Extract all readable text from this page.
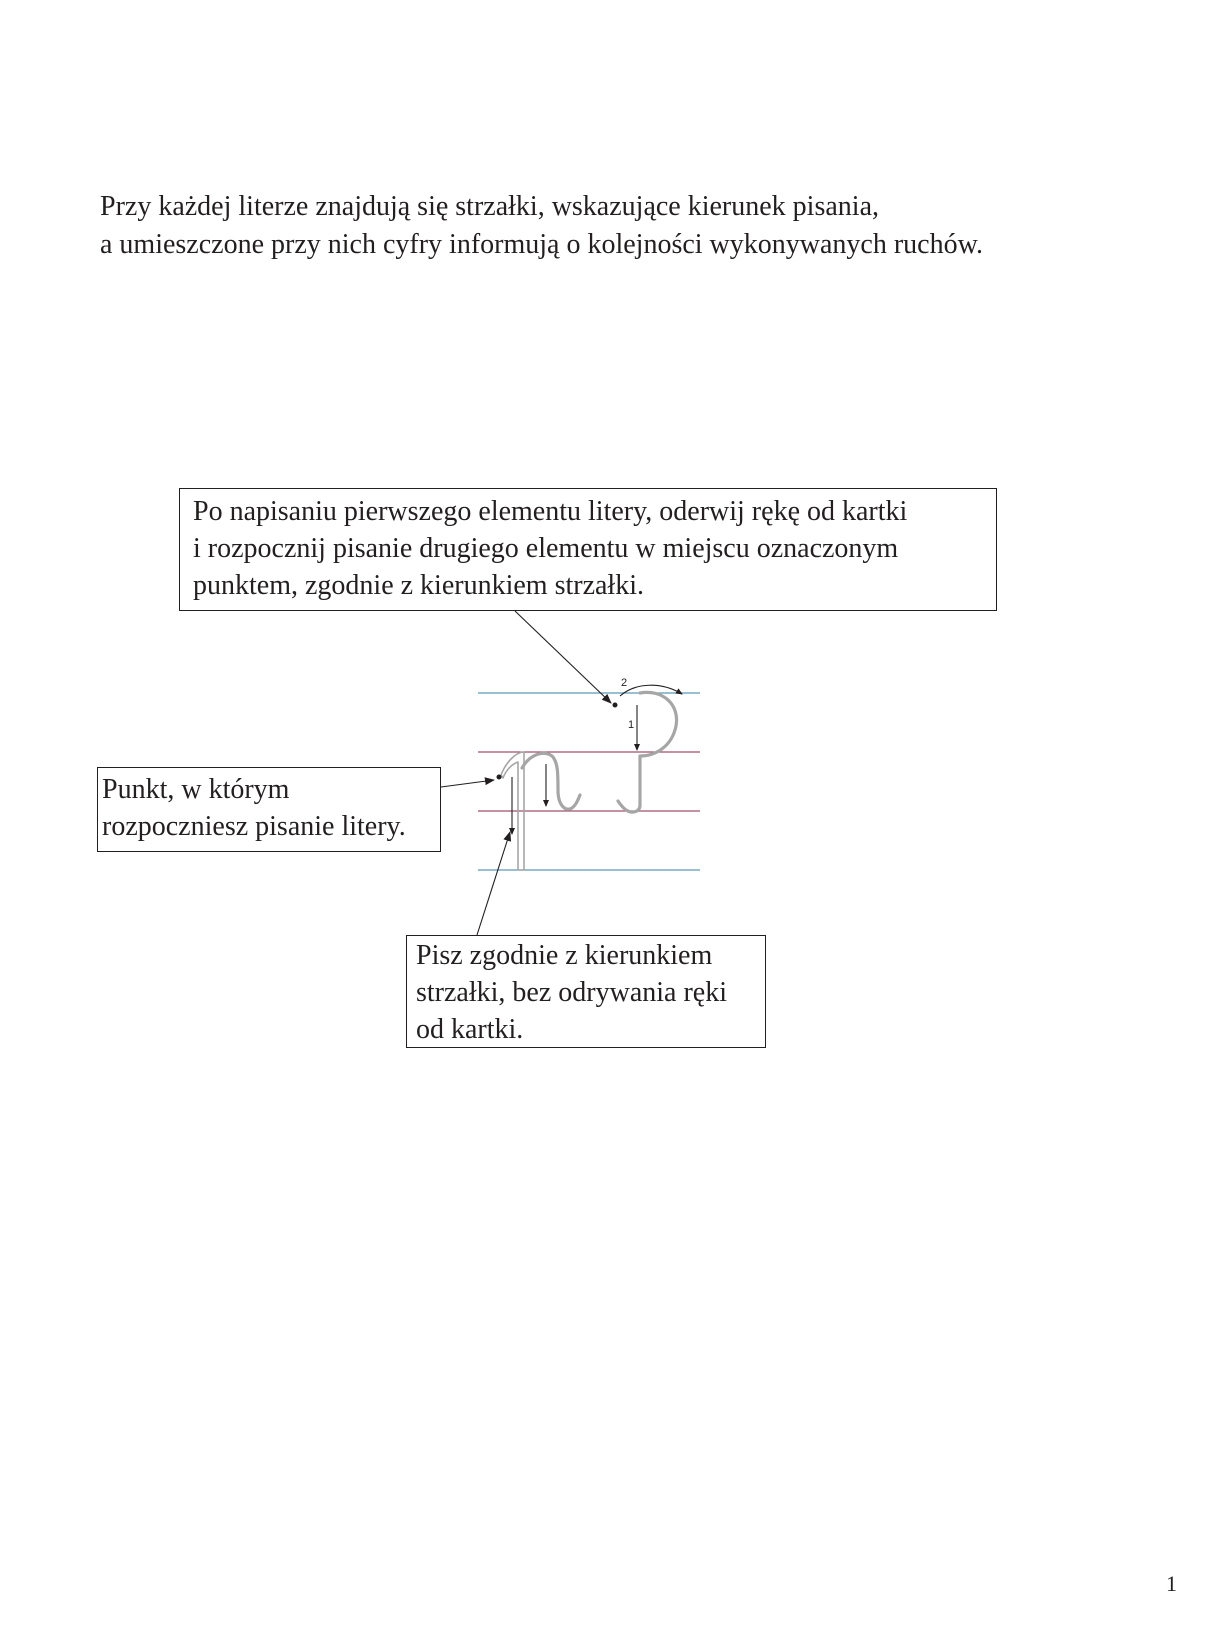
Przy każdej literze znajdują się strzałki, wskazujące kierunek pisania,
a umieszczone przy nich cyfry informują o kolejności wykonywanych ruchów.
1
2
Po napisaniu pierwszego elementu litery, oderwij rękę od kartki
i rozpocznij pisanie drugiego elementu w miejscu oznaczonym
punktem, zgodnie z kierunkiem strzałki.
Punkt, w którym
rozpoczniesz pisanie litery.
Pisz zgodnie z kierunkiem
strzałki, bez odrywania ręki
od kartki.
1
